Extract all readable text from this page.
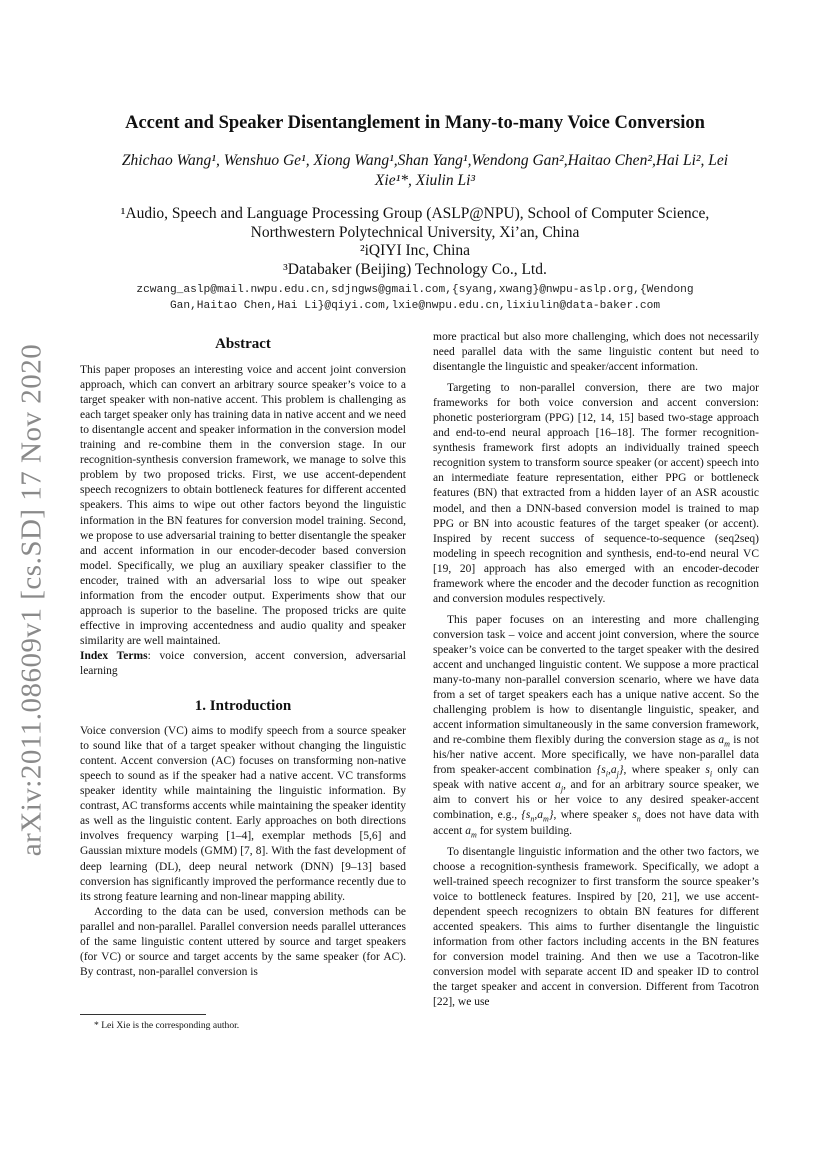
arXiv:2011.08609v1 [cs.SD] 17 Nov 2020
Accent and Speaker Disentanglement in Many-to-many Voice Conversion
Zhichao Wang¹, Wenshuo Ge¹, Xiong Wang¹,Shan Yang¹,Wendong Gan²,Haitao Chen²,Hai Li², Lei
Xie¹*, Xiulin Li³
¹Audio, Speech and Language Processing Group (ASLP@NPU), School of Computer Science,
Northwestern Polytechnical University, Xi’an, China
²iQIYI Inc, China
³Databaker (Beijing) Technology Co., Ltd.
zcwang_aslp@mail.nwpu.edu.cn,sdjngws@gmail.com,{syang,xwang}@nwpu-aslp.org,{Wendong
Gan,Haitao Chen,Hai Li}@qiyi.com,lxie@nwpu.edu.cn,lixiulin@data-baker.com
Abstract

This paper proposes an interesting voice and accent joint conversion approach, which can convert an arbitrary source speaker’s voice to a target speaker with non-native accent. This problem is challenging as each target speaker only has training data in native accent and we need to disentangle accent and speaker information in the conversion model training and re-combine them in the conversion stage. In our recognition-synthesis conversion framework, we manage to solve this problem by two proposed tricks. First, we use accent-dependent speech recognizers to obtain bottleneck features for different accented speakers. This aims to wipe out other factors beyond the linguistic information in the BN features for conversion model training. Second, we propose to use adversarial training to better disentangle the speaker and accent information in our encoder-decoder based conversion model. Specifically, we plug an auxiliary speaker classifier to the encoder, trained with an adversarial loss to wipe out speaker information from the encoder output. Experiments show that our approach is superior to the baseline. The proposed tricks are quite effective in improving accentedness and audio quality and speaker similarity are well maintained.

Index Terms: voice conversion, accent conversion, adversarial learning

1. Introduction

Voice conversion (VC) aims to modify speech from a source speaker to sound like that of a target speaker without changing the linguistic content. Accent conversion (AC) focuses on transforming non-native speech to sound as if the speaker had a native accent. VC transforms speaker identity while maintaining the linguistic information. By contrast, AC transforms accents while maintaining the speaker identity as well as the linguistic content. Early approaches on both directions involves frequency warping [1–4], exemplar methods [5,6] and Gaussian mixture models (GMM) [7, 8]. With the fast development of deep learning (DL), deep neural network (DNN) [9–13] based conversion has significantly improved the performance recently due to its strong feature learning and non-linear mapping ability.

According to the data can be used, conversion methods can be parallel and non-parallel. Parallel conversion needs parallel utterances of the same linguistic content uttered by source and target speakers (for VC) or source and target accents by the same speaker (for AC). By contrast, non-parallel conversion is

* Lei Xie is the corresponding author.

more practical but also more challenging, which does not necessarily need parallel data with the same linguistic content but need to disentangle the linguistic and speaker/accent information.

Targeting to non-parallel conversion, there are two major frameworks for both voice conversion and accent conversion: phonetic posteriorgram (PPG) [12, 14, 15] based two-stage approach and end-to-end neural approach [16–18]. The former recognition-synthesis framework first adopts an individually trained speech recognition system to transform source speaker (or accent) speech into an intermediate feature representation, either PPG or bottleneck features (BN) that extracted from a hidden layer of an ASR acoustic model, and then a DNN-based conversion model is trained to map PPG or BN into acoustic features of the target speaker (or accent). Inspired by recent success of sequence-to-sequence (seq2seq) modeling in speech recognition and synthesis, end-to-end neural VC [19, 20] approach has also emerged with an encoder-decoder framework where the encoder and the decoder function as recognition and conversion modules respectively.

This paper focuses on an interesting and more challenging conversion task – voice and accent joint conversion, where the source speaker’s voice can be converted to the target speaker with the desired accent and unchanged linguistic content. We suppose a more practical many-to-many non-parallel conversion scenario, where we have data from a set of target speakers each has a unique native accent. So the challenging problem is how to disentangle linguistic, speaker, and accent information simultaneously in the same conversion framework, and re-combine them flexibly during the conversion stage as $a_m$ is not his/her native accent. More specifically, we have non-parallel data from speaker-accent combination $\{s_i,a_j\}$, where speaker $s_i$ only can speak with native accent $a_j$, and for an arbitrary source speaker, we aim to convert his or her voice to any desired speaker-accent combination, e.g., $\{s_n,a_m\}$, where speaker $s_n$ does not have data with accent $a_m$ for system building.

To disentangle linguistic information and the other two factors, we choose a recognition-synthesis framework. Specifically, we adopt a well-trained speech recognizer to first transform the source speaker’s voice to bottleneck features. Inspired by [20, 21], we use accent-dependent speech recognizers to obtain BN features for different accented speakers. This aims to further disentangle the linguistic information from other factors including accents in the BN features for conversion model training. And then we use a Tacotron-like conversion model with separate accent ID and speaker ID to control the target speaker and accent in conversion. Different from Tacotron [22], we use
